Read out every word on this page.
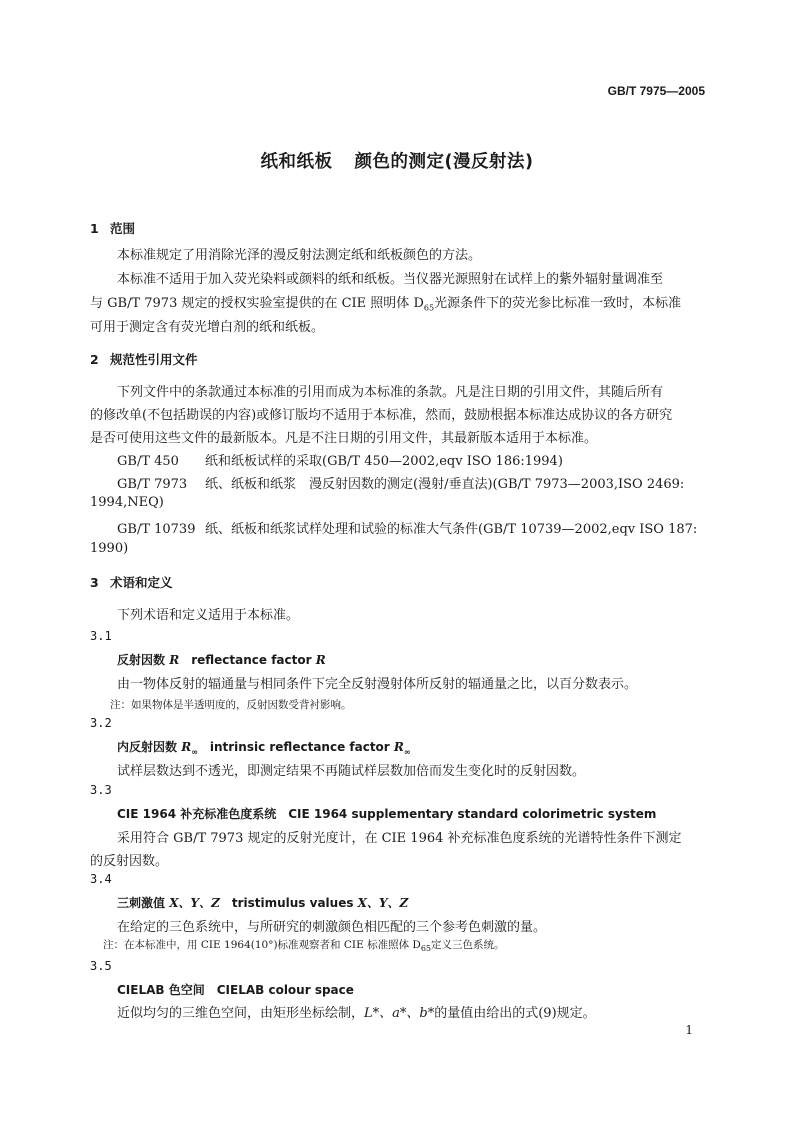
GB/T 7975—2005
纸和纸板 颜色的测定(漫反射法)
1 范围
本标准规定了用消除光泽的漫反射法测定纸和纸板颜色的方法。
本标准不适用于加入荧光染料或颜料的纸和纸板。当仪器光源照射在试样上的紫外辐射量调准至
与 GB/T 7973 规定的授权实验室提供的在 CIE 照明体 $D_{65}$光源条件下的荧光参比标准一致时，本标准
可用于测定含有荧光增白剂的纸和纸板。
2 规范性引用文件
下列文件中的条款通过本标准的引用而成为本标准的条款。凡是注日期的引用文件，其随后所有
的修改单(不包括勘误的内容)或修订版均不适用于本标准，然而，鼓励根据本标准达成协议的各方研究
是否可使用这些文件的最新版本。凡是不注日期的引用文件，其最新版本适用于本标准。
GB/T 450 纸和纸板试样的采取(GB/T 450—2002,eqv ISO 186:1994)
GB/T 7973 纸、纸板和纸浆　漫反射因数的测定(漫射/垂直法)(GB/T 7973—2003,ISO 2469:
1994,NEQ)
GB/T 10739 纸、纸板和纸浆试样处理和试验的标准大气条件(GB/T 10739—2002,eqv ISO 187:
1990)
3 术语和定义
下列术语和定义适用于本标准。
3.1
反射因数 R reflectance factor R
由一物体反射的辐通量与相同条件下完全反射漫射体所反射的辐通量之比，以百分数表示。
注：如果物体是半透明度的，反射因数受背衬影响。
3.2
内反射因数 $R_\infty$ intrinsic reflectance factor $R_\infty$
试样层数达到不透光，即测定结果不再随试样层数加倍而发生变化时的反射因数。
3.3
CIE 1964 补充标准色度系统 CIE 1964 supplementary standard colorimetric system
采用符合 GB/T 7973 规定的反射光度计，在 CIE 1964 补充标准色度系统的光谱特性条件下测定
的反射因数。
3.4
三刺激值 X、Y、Z tristimulus values X、Y、Z
在给定的三色系统中，与所研究的刺激颜色相匹配的三个参考色刺激的量。
注：在本标准中，用 CIE 1964(10°)标准观察者和 CIE 标准照体 $D_{65}$定义三色系统。
3.5
CIELAB 色空间 CIELAB colour space
近似均匀的三维色空间，由矩形坐标绘制，L*、a*、b*的量值由给出的式(9)规定。
1
